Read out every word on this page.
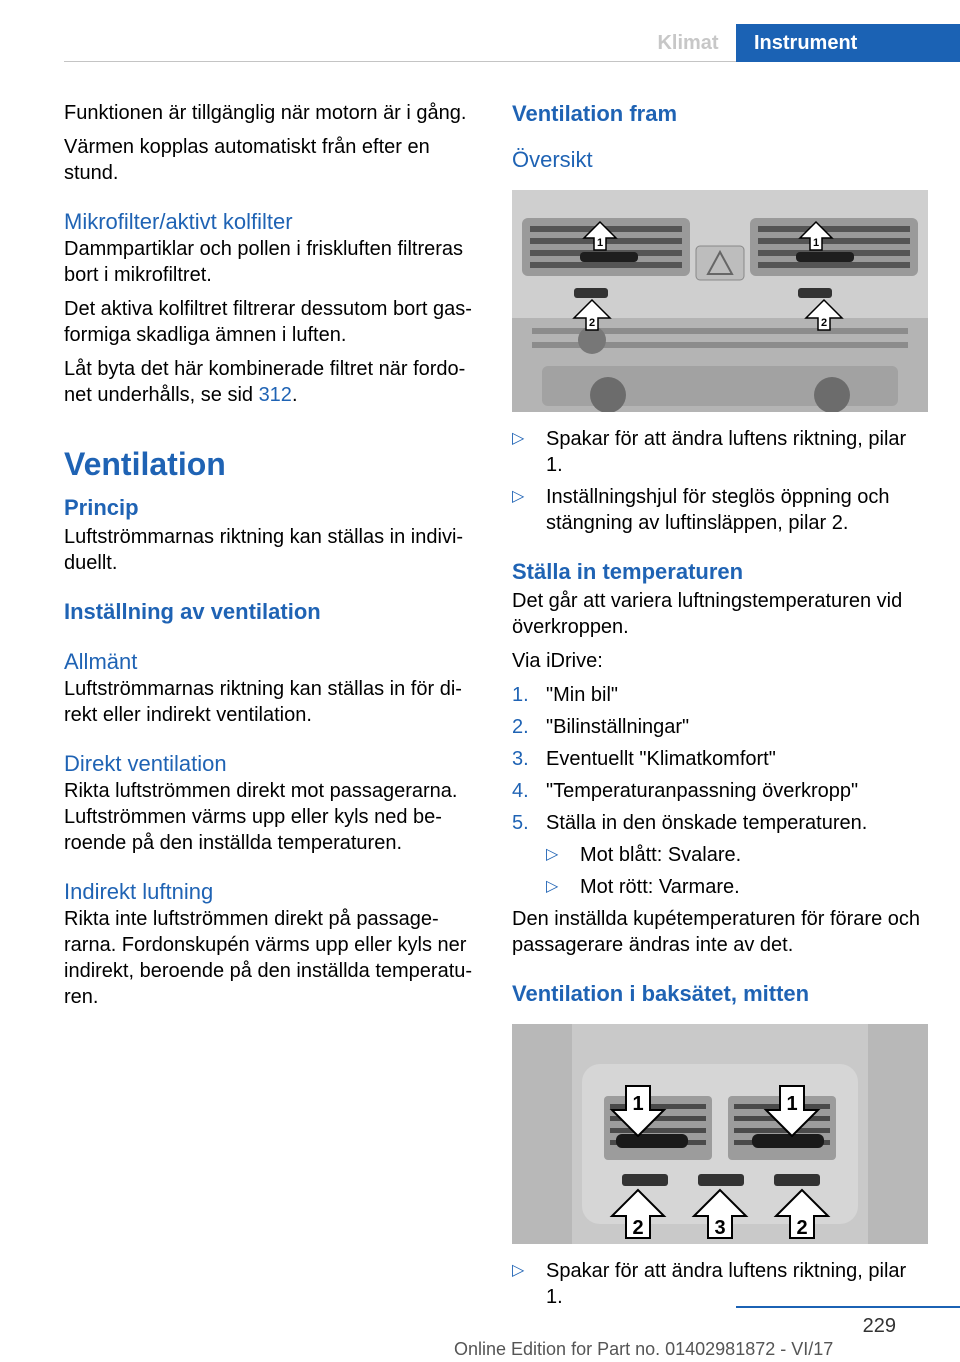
Klimat	Instrument

Funktionen är tillgänglig när motorn är i gång.

Värmen kopplas automatiskt från efter en stund.

Mikrofilter/aktivt kolfilter

Dammpartiklar och pollen i friskluften filtreras bort i mikrofiltret.

Det aktiva kolfiltret filtrerar dessutom bort gasformiga skadliga ämnen i luften.

Låt byta det här kombinerade filtret när fordonet underhålls, se sid 312.

Ventilation
Princip

Luftströmmarnas riktning kan ställas in individuellt.

Inställning av ventilation
Allmänt

Luftströmmarnas riktning kan ställas in för direkt eller indirekt ventilation.

Direkt ventilation

Rikta luftströmmen direkt mot passagerarna. Luftströmmen värms upp eller kyls ned beroende på den inställda temperaturen.

Indirekt luftning

Rikta inte luftströmmen direkt på passagerarna. Fordonskupén värms upp eller kyls ner indirekt, beroende på den inställda temperaturen.

Ventilation fram
Översikt
1	1
2	2
▷ Spakar för att ändra luftens riktning, pilar 1.
▷ Inställningshjul för steglös öppning och stängning av luftinsläppen, pilar 2.
Ställa in temperaturen

Det går att variera luftningstemperaturen vid överkroppen.

Via iDrive:

1. "Min bil"
2. "Bilinställningar"
3. Eventuellt "Klimatkomfort"
4. "Temperaturanpassning överkropp"
5. Ställa in den önskade temperaturen.
▷ Mot blått: Svalare.
▷ Mot rött: Varmare.

Den inställda kupétemperaturen för förare och passagerare ändras inte av det.

Ventilation i baksätet, mitten
1	1
2	3	2
▷ Spakar för att ändra luftens riktning, pilar 1.
229
Online Edition for Part no. 01402981872 - VI/17
